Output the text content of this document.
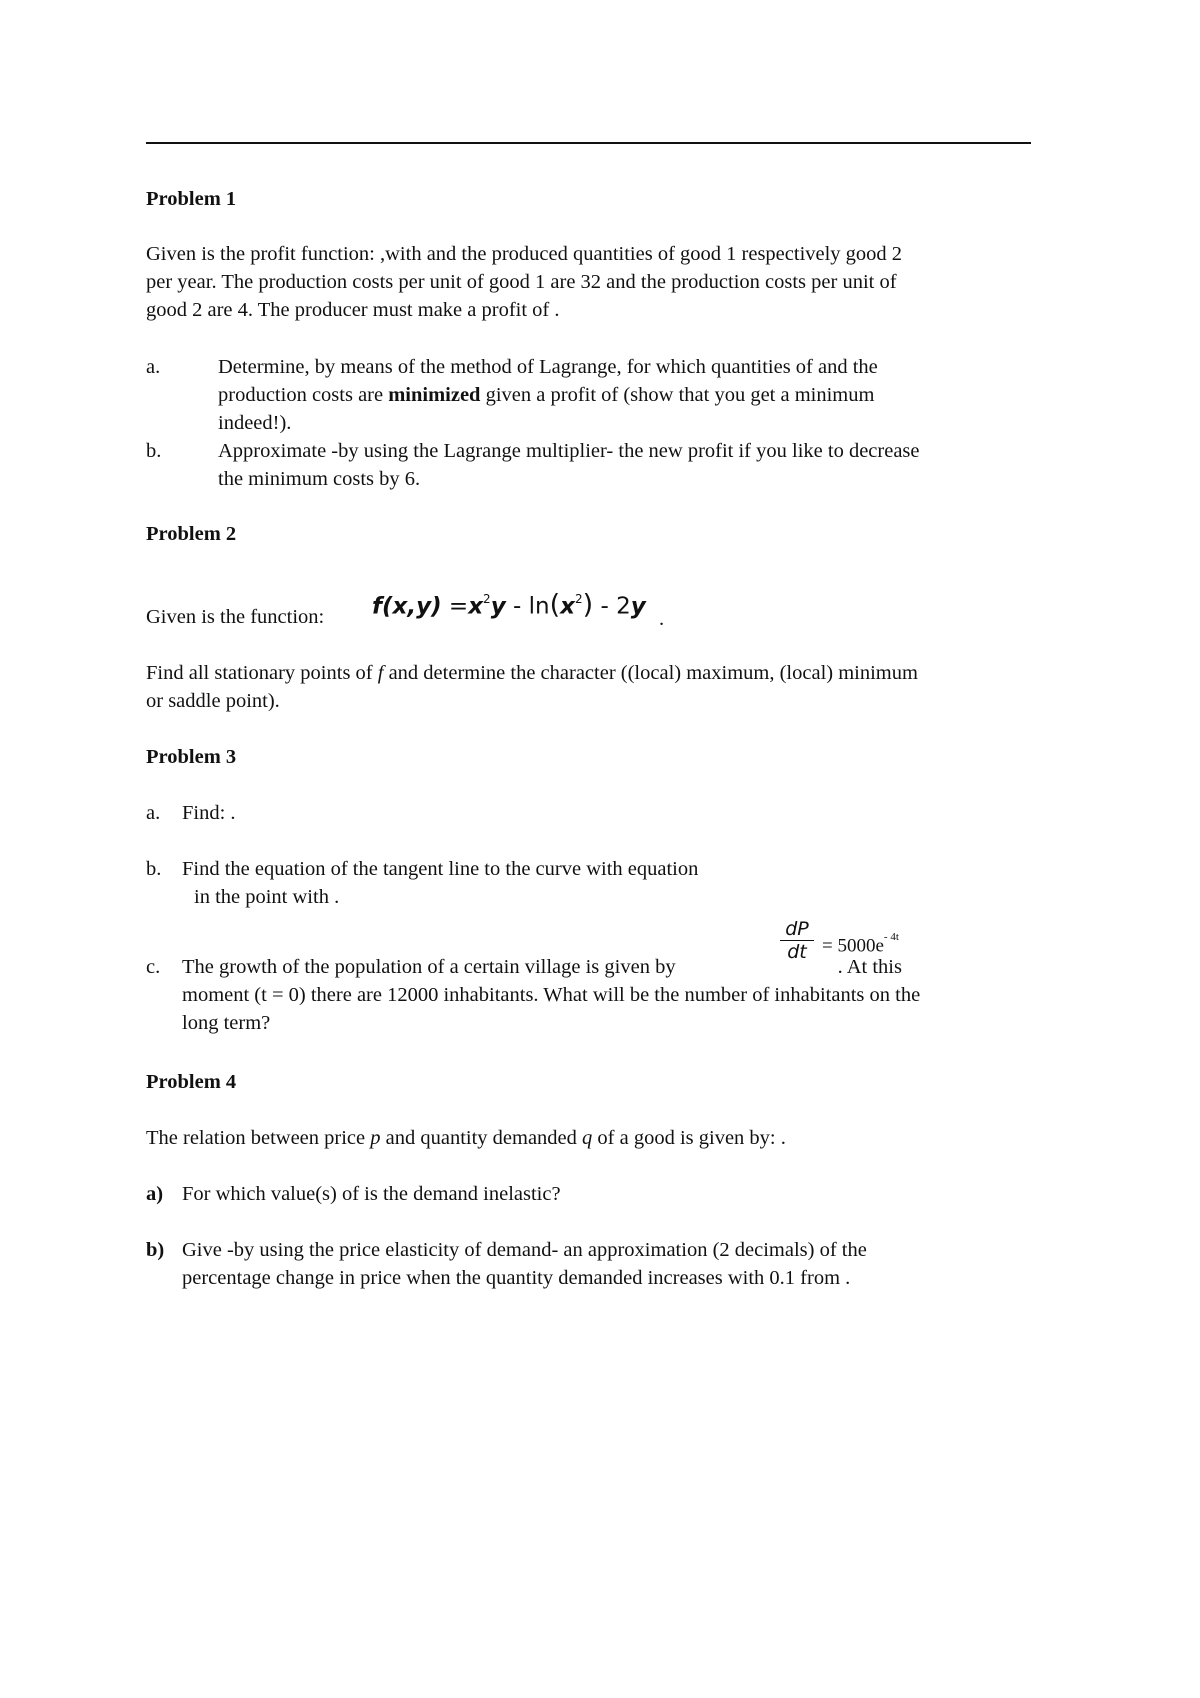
Problem 1
Given is the profit function: ,with and the produced quantities of good 1 respectively good 2
per year. The production costs per unit of good 1 are 32 and the production costs per unit of
good 2 are 4. The producer must make a profit of .
a.	Determine, by means of the method of Lagrange, for which quantities of and the
production costs are minimized given a profit of (show that you get a minimum
indeed!).
b.	Approximate -by using the Lagrange multiplier- the new profit if you like to decrease
the minimum costs by 6.
Problem 2
Given is the function:	$f(x,y) =x^2y - \ln(x^2) - 2y$ .
Find all stationary points of f and determine the character ((local) maximum, (local) minimum
or saddle point).
Problem 3
a. Find: .
b. Find the equation of the tangent line to the curve with equation
in the point with .
$\frac{dP}{dt} = 5000e^{- 4t}$
c. The growth of the population of a certain village is given by	. At this
moment (t = 0) there are 12000 inhabitants. What will be the number of inhabitants on the
long term?
Problem 4
The relation between price p and quantity demanded q of a good is given by: .
a) For which value(s) of is the demand inelastic?
b) Give -by using the price elasticity of demand- an approximation (2 decimals) of the
percentage change in price when the quantity demanded increases with 0.1 from .
